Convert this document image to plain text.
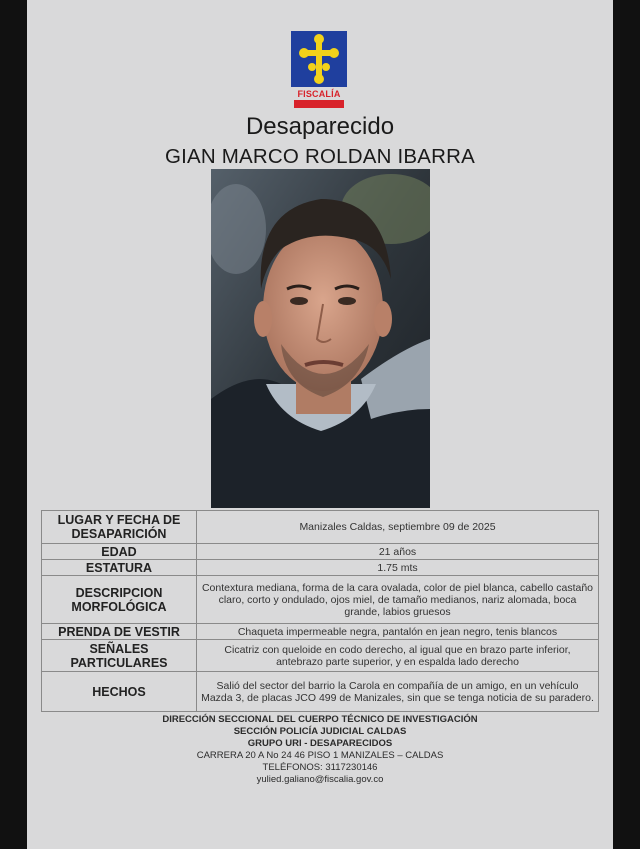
FISCALÍA
Desaparecido
GIAN MARCO ROLDAN IBARRA
LUGAR Y FECHA DE DESAPARICIÓN	Manizales Caldas, septiembre 09 de 2025
EDAD	21 años
ESTATURA	1.75 mts
DESCRIPCION MORFOLÓGICA	Contextura mediana, forma de la cara ovalada, color de piel blanca, cabello castaño claro, corto y ondulado, ojos miel, de tamaño medianos, nariz alomada, boca grande, labios gruesos
PRENDA DE VESTIR	Chaqueta impermeable negra, pantalón en jean negro, tenis blancos
SEÑALES PARTICULARES	Cicatriz con queloide en codo derecho, al igual que en brazo parte inferior, antebrazo parte superior, y en espalda lado derecho
HECHOS	Salió del sector del barrio la Carola en compañía de un amigo, en un vehículo Mazda 3, de placas JCO 499 de Manizales, sin que se tenga noticia de su paradero.
DIRECCIÓN SECCIONAL DEL CUERPO TÉCNICO DE INVESTIGACIÓN
SECCIÓN POLICÍA JUDICIAL CALDAS
GRUPO URI - DESAPARECIDOS
CARRERA 20 A No 24 46 PISO 1 MANIZALES – CALDAS
TELÉFONOS: 3117230146
yulied.galiano@fiscalia.gov.co
